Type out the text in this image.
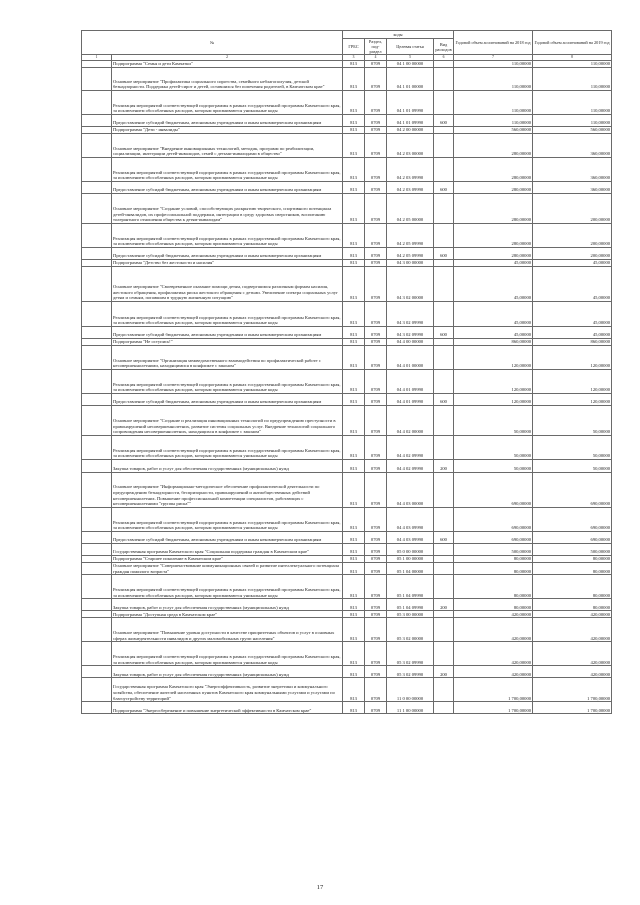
№		коды				Годовой объем ассигнований на 2018 год	Годовой объем ассигнований на 2019 год
		ГРБС	Раздел, под-раздел	Целевая статья	Вид расходов		
1	2	3	4	5	6	7	8
	Подпрограмма "Семья и дети Камчатки"	813	0709	04 1 00 00000		110,00000	110,00000
	Основное мероприятие "Профилактика социального сиротства, семейного неблагополучия, детской безнадзорности. Поддержка детей-сирот и детей, оставшихся без попечения родителей, в Камчатском крае"	813	0709	04 1 01 00000		110,00000	110,00000
	Реализация мероприятий соответствующей подпрограммы в рамках государственной программы Камчатского края, за исключением обособленных расходов, которым присваиваются уникальные коды	813	0709	04 1 01 09990		110,00000	110,00000
	Предоставление субсидий бюджетным, автономным учреждениям и иным некоммерческим организациям	813	0709	04 1 01 09990	600	110,00000	110,00000
	Подпрограмма "Дети - инвалиды"	813	0709	04 2 00 00000		560,00000	560,00000
	Основное мероприятие "Внедрение инновационных технологий, методик, программ по реабилитации, социализации, интеграции детей-инвалидов, семей с детьми-инвалидами в общество"	813	0709	04 2 03 00000		280,00000	360,00000
	Реализация мероприятий соответствующей подпрограммы в рамках государственной программы Камчатского края, за исключением обособленных расходов, которым присваиваются уникальные коды	813	0709	04 2 03 09990		280,00000	360,00000
	Предоставление субсидий бюджетным, автономным учреждениям и иным некоммерческим организациям	813	0709	04 2 03 09990	600	280,00000	360,00000
	Основное мероприятие "Создание условий, способствующих раскрытию творческого, спортивного потенциала детей-инвалидов, их профессиональной поддержки, интеграции в среду здоровых сверстников, воспитанию толерантного отношения общества к детям-инвалидам"	813	0709	04 2 05 00000		280,00000	200,00000
	Реализация мероприятий соответствующей подпрограммы в рамках государственной программы Камчатского края, за исключением обособленных расходов, которым присваиваются уникальные коды	813	0709	04 2 05 09990		280,00000	200,00000
	Предоставление субсидий бюджетным, автономным учреждениям и иным некоммерческим организациям	813	0709	04 2 05 09990	600	280,00000	200,00000
	Подпрограмма "Детство без жестокости и насилия"	813	0709	04 3 00 00000		45,00000	45,00000
	Основное мероприятие "Своевременное оказание помощи детям, подвергшимся различным формам насилия, жестокого обращения, профилактика риска жестокого обращения с детьми. Увеличение спектра социальных услуг детям и семьям, попавшим в трудную жизненную ситуацию"	813	0709	04 3 02 00000		45,00000	45,00000
	Реализация мероприятий соответствующей подпрограммы в рамках государственной программы Камчатского края, за исключением обособленных расходов, которым присваиваются уникальные коды	813	0709	04 3 02 09990		45,00000	45,00000
	Предоставление субсидий бюджетным, автономным учреждениям и иным некоммерческим организациям	813	0709	04 3 02 09990	600	45,00000	45,00000
	Подпрограмма "Не оступись!"	813	0709	04 4 00 00000		860,00000	860,00000
	Основное мероприятие "Организация межведомственного взаимодействия по профилактической работе с несовершеннолетними, находящимися в конфликте с законом"	813	0709	04 4 01 00000		120,00000	120,00000
	Реализация мероприятий соответствующей подпрограммы в рамках государственной программы Камчатского края, за исключением обособленных расходов, которым присваиваются уникальные коды	813	0709	04 4 01 09990		120,00000	120,00000
	Предоставление субсидий бюджетным, автономным учреждениям и иным некоммерческим организациям	813	0709	04 4 01 09990	600	120,00000	120,00000
	Основное мероприятие "Создание и реализация инновационных технологий по предупреждению преступности в правонарушений несовершеннолетних, развитие системы социальных услуг. Внедрение технологий социального сопровождения несовершеннолетних, находящихся в конфликте с законом"	813	0709	04 4 02 00000		50,00000	50,00000
	Реализация мероприятий соответствующей подпрограммы в рамках государственной программы Камчатского края, за исключением обособленных расходов, которым присваиваются уникальные коды	813	0709	04 4 02 09990		50,00000	50,00000
	Закупка товаров, работ и услуг для обеспечения государственных (муниципальных) нужд	813	0709	04 4 02 09990	200	50,00000	50,00000
	Основное мероприятие "Информационно-методическое обеспечение профилактической деятельности по предупреждению безнадзорности, беспризорности, правонарушений и антиобщественных действий несовершеннолетних. Повышение профессиональной компетенции специалистов, работающих с несовершеннолетними "группы риска""	813	0709	04 4 03 00000		690,00000	690,00000
	Реализация мероприятий соответствующей подпрограммы в рамках государственной программы Камчатского края, за исключением обособленных расходов, которым присваиваются уникальные коды	813	0709	04 4 03 09990		690,00000	690,00000
	Предоставление субсидий бюджетным, автономным учреждениям и иным некоммерческим организациям	813	0709	04 4 03 09990	600	690,00000	690,00000
	Государственная программа Камчатского края "Социальная поддержка граждан в Камчатском крае"	813	0709	05 0 00 00000		500,00000	500,00000
	Подпрограмма "Старшее поколение в Камчатском крае"	813	0709	05 1 00 00000		80,00000	80,00000
	Основное мероприятие "Совершенствование коммуникационных связей и развитие интеллектуального потенциала граждан пожилого возраста"	813	0709	05 1 04 00000		80,00000	80,00000
	Реализация мероприятий соответствующей подпрограммы в рамках государственной программы Камчатского края, за исключением обособленных расходов, которым присваиваются уникальные коды	813	0709	05 1 04 09990		80,00000	80,00000
	Закупка товаров, работ и услуг для обеспечения государственных (муниципальных) нужд	813	0709	05 1 04 09990	200	80,00000	80,00000
	Подпрограмма "Доступная среда в Камчатском крае"	813	0709	05 3 00 00000		420,00000	420,00000
	Основное мероприятие "Повышение уровня доступности в качестве приоритетных объектов и услуг в основных сферах жизнедеятельности инвалидов и других маломобильных групп населения"	813	0709	05 3 02 00000		420,00000	420,00000
	Реализация мероприятий соответствующей подпрограммы в рамках государственной программы Камчатского края, за исключением обособленных расходов, которым присваиваются уникальные коды	813	0709	05 3 02 09990		420,00000	420,00000
	Закупка товаров, работ и услуг для обеспечения государственных (муниципальных) нужд	813	0709	05 3 02 09990	200	420,00000	420,00000
	Государственная программа Камчатского края "Энергоэффективность, развитие энергетики и коммунального хозяйства, обеспечение жителей населенных пунктов Камчатского края коммунальными услугами и услугами по благоустройству территорий"	813	0709	11 0 00 00000		1 700,00000	1 700,00000
	Подпрограмма "Энергосбережение и повышение энергетической эффективности в Камчатском крае"	813	0709	11 1 00 00000		1 700,00000	1 700,00000
17
